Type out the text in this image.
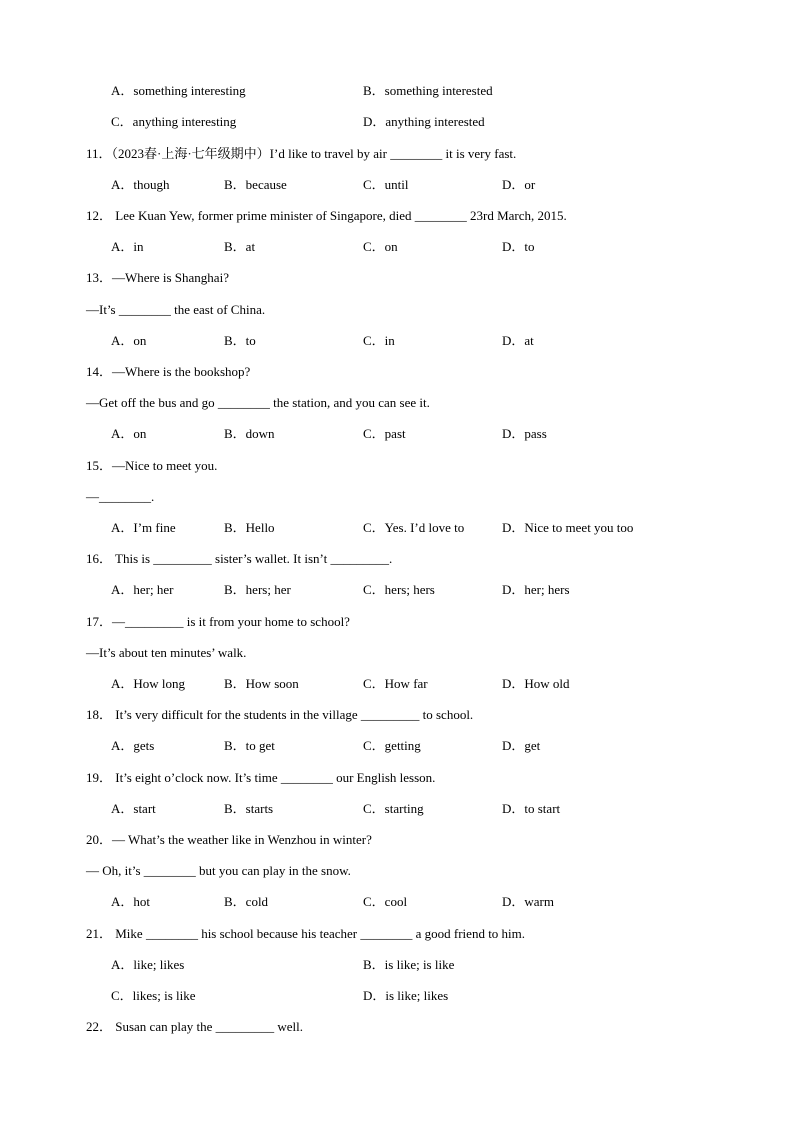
A．something interesting	B．something interested
C．anything interesting	D．anything interested
11．（2023春·上海·七年级期中）I’d like to travel by air ________ it is very fast.
A．though	B．because	C．until	D．or
12． Lee Kuan Yew, former prime minister of Singapore, died ________ 23rd March, 2015.
A．in	B．at	C．on	D．to
13．—Where is Shanghai?
—It’s ________ the east of China.
A．on	B．to	C．in	D．at
14．—Where is the bookshop?
—Get off the bus and go ________ the station, and you can see it.
A．on	B．down	C．past	D．pass
15．—Nice to meet you.
—________.
A．I’m fine	B．Hello	C．Yes. I’d love to	D．Nice to meet you too
16． This is _________ sister’s wallet. It isn’t _________.
A．her; her	B．hers; her	C．hers; hers	D．her; hers
17．—_________ is it from your home to school?
—It’s about ten minutes’ walk.
A．How long	B．How soon	C．How far	D．How old
18． It’s very difficult for the students in the village _________ to school.
A．gets	B．to get	C．getting	D．get
19． It’s eight o’clock now. It’s time ________ our English lesson.
A．start	B．starts	C．starting	D．to start
20．— What’s the weather like in Wenzhou in winter?
— Oh, it’s ________ but you can play in the snow.
A．hot	B．cold	C．cool	D．warm
21． Mike ________ his school because his teacher ________ a good friend to him.
A．like; likes	B．is like; is like
C．likes; is like	D．is like; likes
22． Susan can play the _________ well.
